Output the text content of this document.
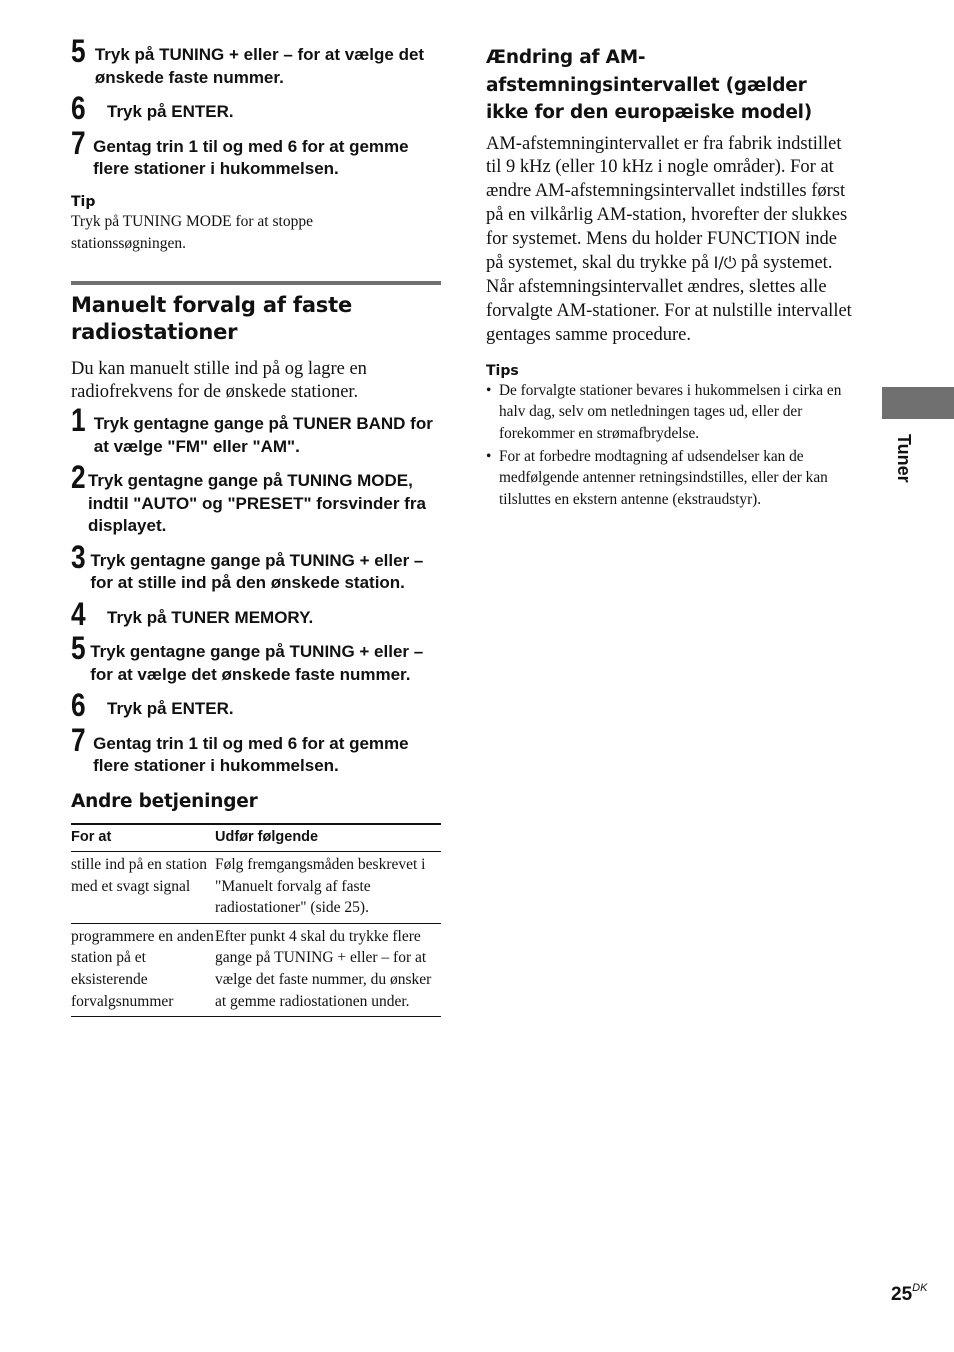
5 Tryk på TUNING + eller – for at vælge det ønskede faste nummer.
6	Tryk på ENTER.
7 Gentag trin 1 til og med 6 for at gemme flere stationer i hukommelsen.
Tip
Tryk på TUNING MODE for at stoppe stationssøgningen.
Manuelt forvalg af faste radiostationer
Du kan manuelt stille ind på og lagre en radiofrekvens for de ønskede stationer.
1 Tryk gentagne gange på TUNER BAND for at vælge "FM" eller "AM".
2 Tryk gentagne gange på TUNING MODE, indtil "AUTO" og "PRESET" forsvinder fra displayet.
3 Tryk gentagne gange på TUNING + eller – for at stille ind på den ønskede station.
4	Tryk på TUNER MEMORY.
5 Tryk gentagne gange på TUNING + eller – for at vælge det ønskede faste nummer.
6	Tryk på ENTER.
7 Gentag trin 1 til og med 6 for at gemme flere stationer i hukommelsen.
Andre betjeninger
For at	Udfør følgende
stille ind på en station med et svagt signal	Følg fremgangsmåden beskrevet i "Manuelt forvalg af faste radiostationer" (side 25).
programmere en anden station på et eksisterende forvalgsnummer	Efter punkt 4 skal du trykke flere gange på TUNING + eller – for at vælge det faste nummer, du ønsker at gemme radiostationen under.
Ændring af AM-afstemningsintervallet (gælder ikke for den europæiske model)
AM-afstemningintervallet er fra fabrik indstillet til 9 kHz (eller 10 kHz i nogle områder). For at ændre AM-afstemningsintervallet indstilles først på en vilkårlig AM-station, hvorefter der slukkes for systemet. Mens du holder FUNCTION inde på systemet, skal du trykke på I/⏻ på systemet. Når afstemningsintervallet ændres, slettes alle forvalgte AM-stationer. For at nulstille intervallet gentages samme procedure.
Tips
• De forvalgte stationer bevares i hukommelsen i cirka en halv dag, selv om netledningen tages ud, eller der forekommer en strømafbrydelse.
• For at forbedre modtagning af udsendelser kan de medfølgende antenner retningsindstilles, eller der kan tilsluttes en ekstern antenne (ekstraudstyr).
Tuner
$25^{DK}$
